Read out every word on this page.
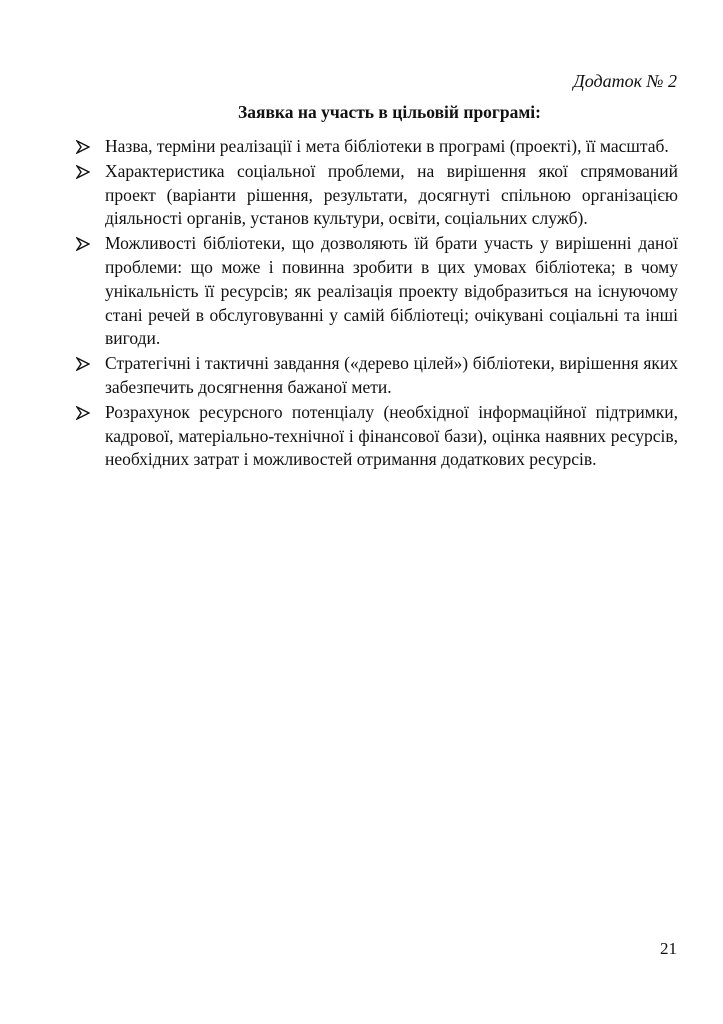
Додаток № 2
Заявка на участь в цільовій програмі:
Назва, терміни реалізації і мета бібліотеки в програмі (проекті), її масштаб.
Характеристика соціальної проблеми, на вирішення якої спрямований проект (варіанти рішення, результати, досягнуті спільною організацією діяльності органів, установ культури, освіти, соціальних служб).
Можливості бібліотеки, що дозволяють їй брати участь у вирішенні даної проблеми: що може і повинна зробити в цих умовах бібліотека; в чому унікальність її ресурсів; як реалізація проекту відобразиться на існуючому стані речей в обслуговуванні у самій бібліотеці; очікувані соціальні та інші вигоди.
Стратегічні і тактичні завдання («дерево цілей») бібліотеки, вирішення яких забезпечить досягнення бажаної мети.
Розрахунок ресурсного потенціалу (необхідної інформаційної підтримки, кадрової, матеріально-технічної і фінансової бази), оцінка наявних ресурсів, необхідних затрат і можливостей отримання додаткових ресурсів.
21
